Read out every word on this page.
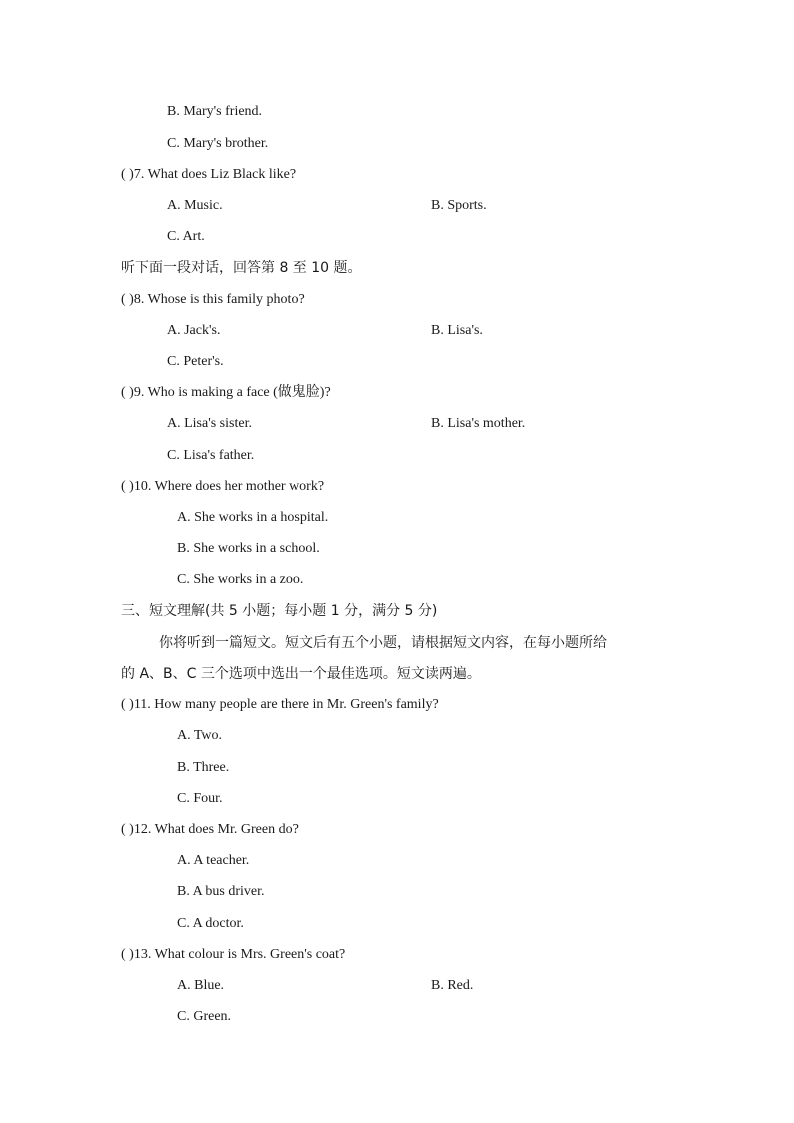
B. Mary's friend.
C. Mary's brother.
( )7. What does Liz Black like?
A. Music.	B. Sports.
C. Art.
听下面一段对话，回答第 8 至 10 题。
( )8. Whose is this family photo?
A. Jack's.	B. Lisa's.
C. Peter's.
( )9. Who is making a face (做鬼脸)?
A. Lisa's sister.	B. Lisa's mother.
C. Lisa's father.
( )10. Where does her mother work?
A. She works in a hospital.
B. She works in a school.
C. She works in a zoo.
三、短文理解(共 5 小题；每小题 1 分，满分 5 分)
你将听到一篇短文。短文后有五个小题，请根据短文内容，在每小题所给
的 A、B、C 三个选项中选出一个最佳选项。短文读两遍。
( )11. How many people are there in Mr. Green's family?
A. Two.
B. Three.
C. Four.
( )12. What does Mr. Green do?
A. A teacher.
B. A bus driver.
C. A doctor.
( )13. What colour is Mrs. Green's coat?
A. Blue.	B. Red.
C. Green.
